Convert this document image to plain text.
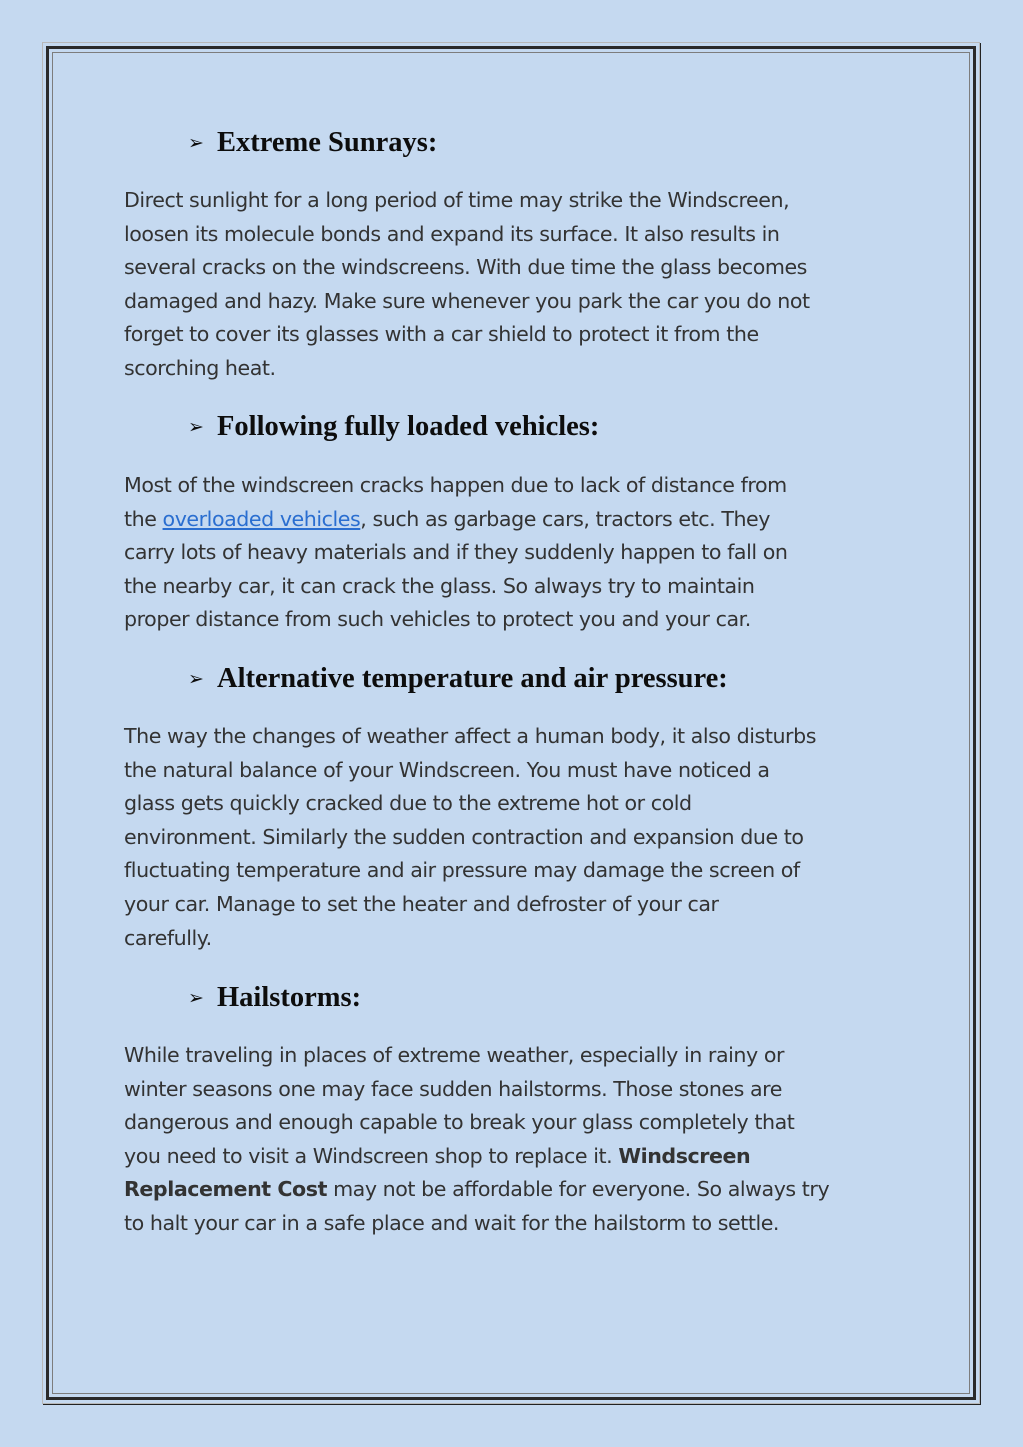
➢ Extreme Sunrays:
Direct sunlight for a long period of time may strike the Windscreen,
loosen its molecule bonds and expand its surface. It also results in
several cracks on the windscreens. With due time the glass becomes
damaged and hazy. Make sure whenever you park the car you do not
forget to cover its glasses with a car shield to protect it from the
scorching heat.
➢ Following fully loaded vehicles:
Most of the windscreen cracks happen due to lack of distance from
the overloaded vehicles, such as garbage cars, tractors etc. They
carry lots of heavy materials and if they suddenly happen to fall on
the nearby car, it can crack the glass. So always try to maintain
proper distance from such vehicles to protect you and your car.
➢ Alternative temperature and air pressure:
The way the changes of weather affect a human body, it also disturbs
the natural balance of your Windscreen. You must have noticed a
glass gets quickly cracked due to the extreme hot or cold
environment. Similarly the sudden contraction and expansion due to
fluctuating temperature and air pressure may damage the screen of
your car. Manage to set the heater and defroster of your car
carefully.
➢ Hailstorms:
While traveling in places of extreme weather, especially in rainy or
winter seasons one may face sudden hailstorms. Those stones are
dangerous and enough capable to break your glass completely that
you need to visit a Windscreen shop to replace it. Windscreen
Replacement Cost may not be affordable for everyone. So always try
to halt your car in a safe place and wait for the hailstorm to settle.
